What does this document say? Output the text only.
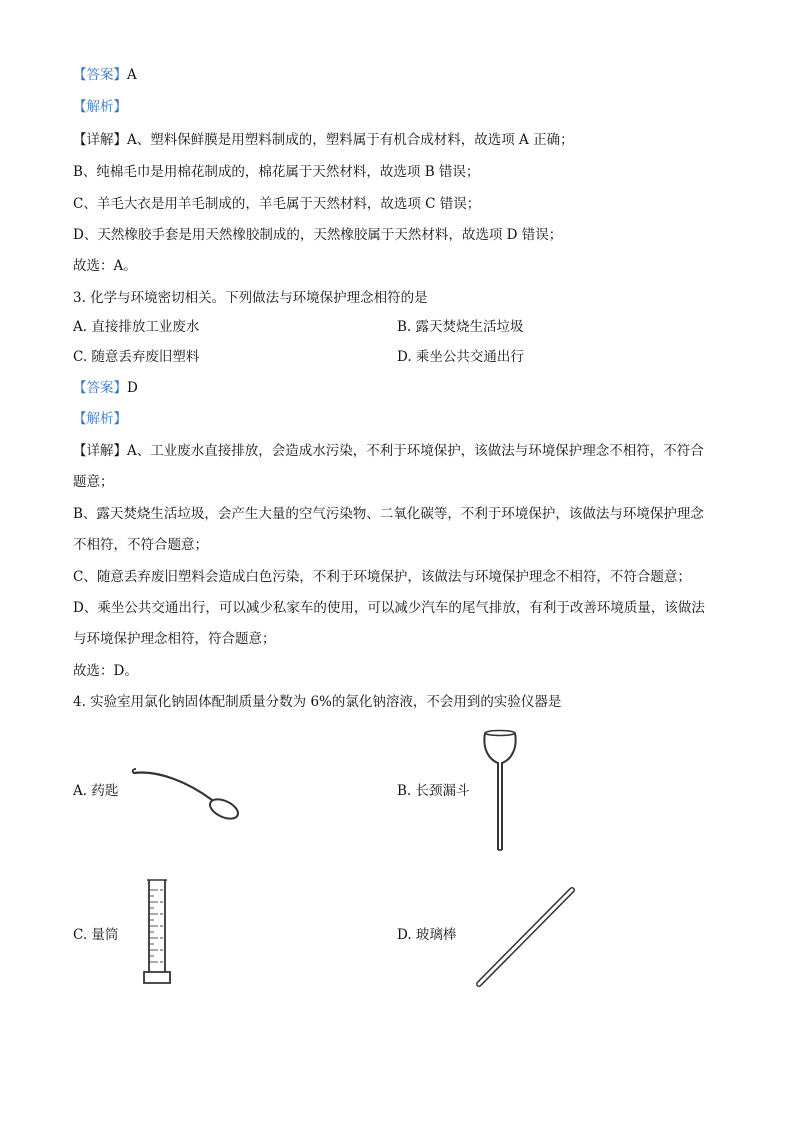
【答案】A
【解析】
【详解】A、塑料保鲜膜是用塑料制成的，塑料属于有机合成材料，故选项 A 正确；
B、纯棉毛巾是用棉花制成的，棉花属于天然材料，故选项 B 错误；
C、羊毛大衣是用羊毛制成的，羊毛属于天然材料，故选项 C 错误；
D、天然橡胶手套是用天然橡胶制成的，天然橡胶属于天然材料，故选项 D 错误；
故选：A。
3. 化学与环境密切相关。下列做法与环境保护理念相符的是
A. 直接排放工业废水	B. 露天焚烧生活垃圾
C. 随意丢弃废旧塑料	D. 乘坐公共交通出行
【答案】D
【解析】
【详解】A、工业废水直接排放，会造成水污染，不利于环境保护，该做法与环境保护理念不相符，不符合
题意；
B、露天焚烧生活垃圾，会产生大量的空气污染物、二氧化碳等，不利于环境保护，该做法与环境保护理念
不相符，不符合题意；
C、随意丢弃废旧塑料会造成白色污染，不利于环境保护，该做法与环境保护理念不相符，不符合题意；
D、乘坐公共交通出行，可以减少私家车的使用，可以减少汽车的尾气排放，有利于改善环境质量，该做法
与环境保护理念相符，符合题意；
故选：D。
4. 实验室用氯化钠固体配制质量分数为 6%的氯化钠溶液，不会用到的实验仪器是
A. 药匙	B. 长颈漏斗
C. 量筒	D. 玻璃棒
